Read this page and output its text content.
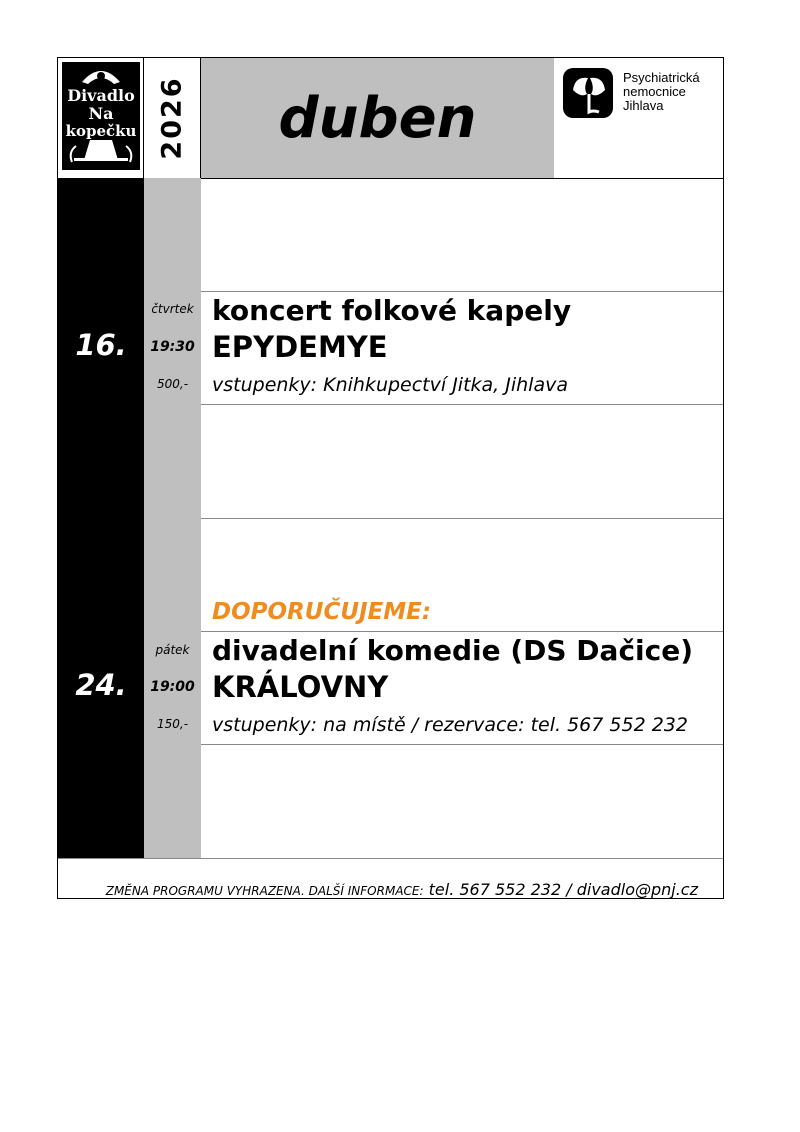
Divadlo
Na
kopečku 2026	duben
Psychiatrická
nemocnice
Jihlava
16.
čtvrtek
19:30
500,-
koncert folkové kapely
EPYDEMYE
vstupenky: Knihkupectví Jitka, Jihlava
DOPORUČUJEME:
24.
pátek
19:00
150,-
divadelní komedie (DS Dačice)
KRÁLOVNY
vstupenky: na místě / rezervace: tel. 567 552 232
ZMĚNA PROGRAMU VYHRAZENA. DALŠÍ INFORMACE: tel. 567 552 232 / divadlo@pnj.cz
